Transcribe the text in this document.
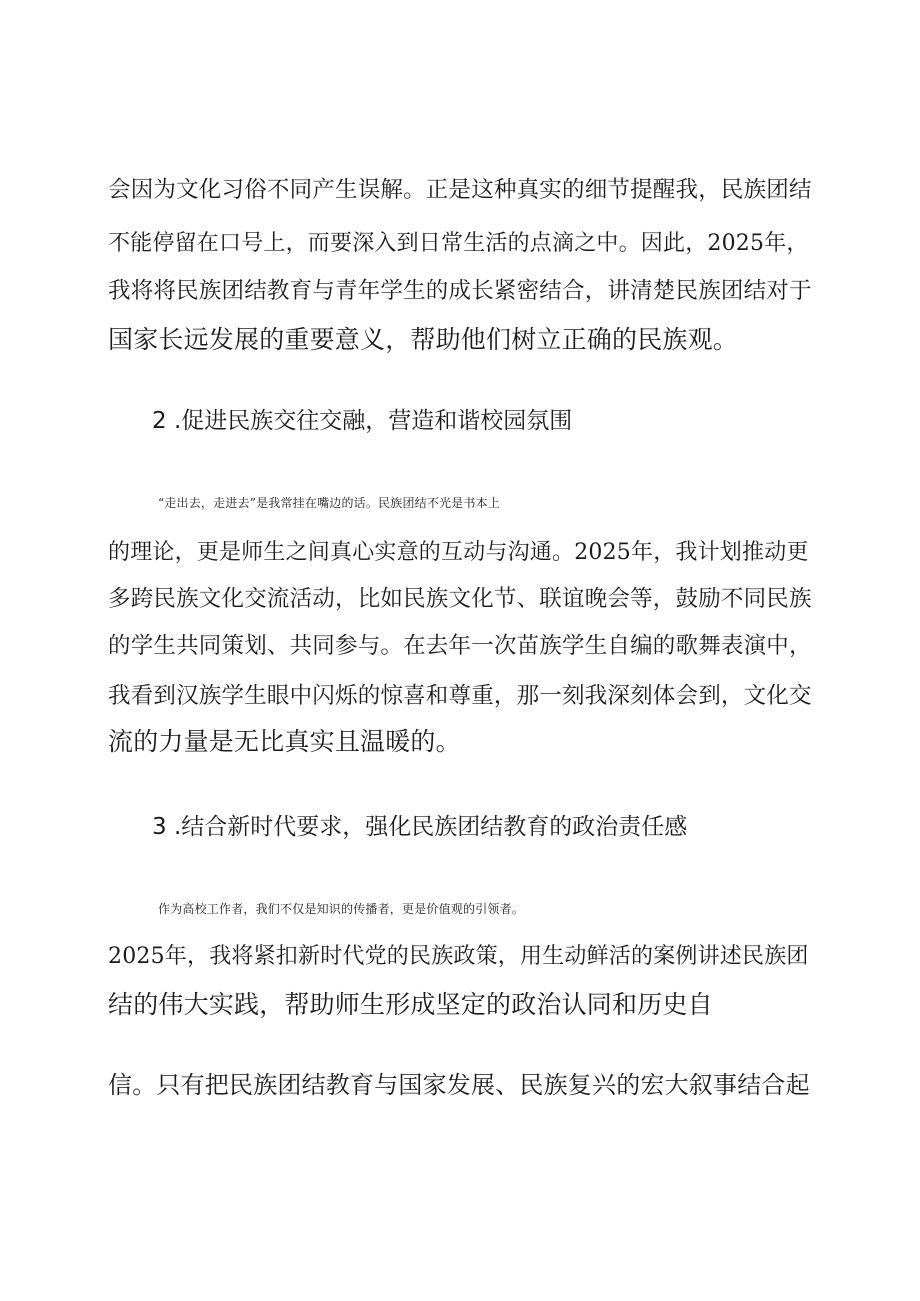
会因为文化习俗不同产生误解。正是这种真实的细节提醒我，民族团结
不能停留在口号上，而要深入到日常生活的点滴之中。因此，2025年，
我将将民族团结教育与青年学生的成长紧密结合，讲清楚民族团结对于
国家长远发展的重要意义，帮助他们树立正确的民族观。
2 .促进民族交往交融，营造和谐校园氛围
“走出去，走进去”是我常挂在嘴边的话。民族团结不光是书本上
的理论，更是师生之间真心实意的互动与沟通。2025年，我计划推动更
多跨民族文化交流活动，比如民族文化节、联谊晚会等，鼓励不同民族
的学生共同策划、共同参与。在去年一次苗族学生自编的歌舞表演中，
我看到汉族学生眼中闪烁的惊喜和尊重，那一刻我深刻体会到，文化交
流的力量是无比真实且温暖的。
3 .结合新时代要求，强化民族团结教育的政治责任感
作为高校工作者，我们不仅是知识的传播者，更是价值观的引领者。
2025年，我将紧扣新时代党的民族政策，用生动鲜活的案例讲述民族团
结的伟大实践，帮助师生形成坚定的政治认同和历史自
信。只有把民族团结教育与国家发展、民族复兴的宏大叙事结合起
